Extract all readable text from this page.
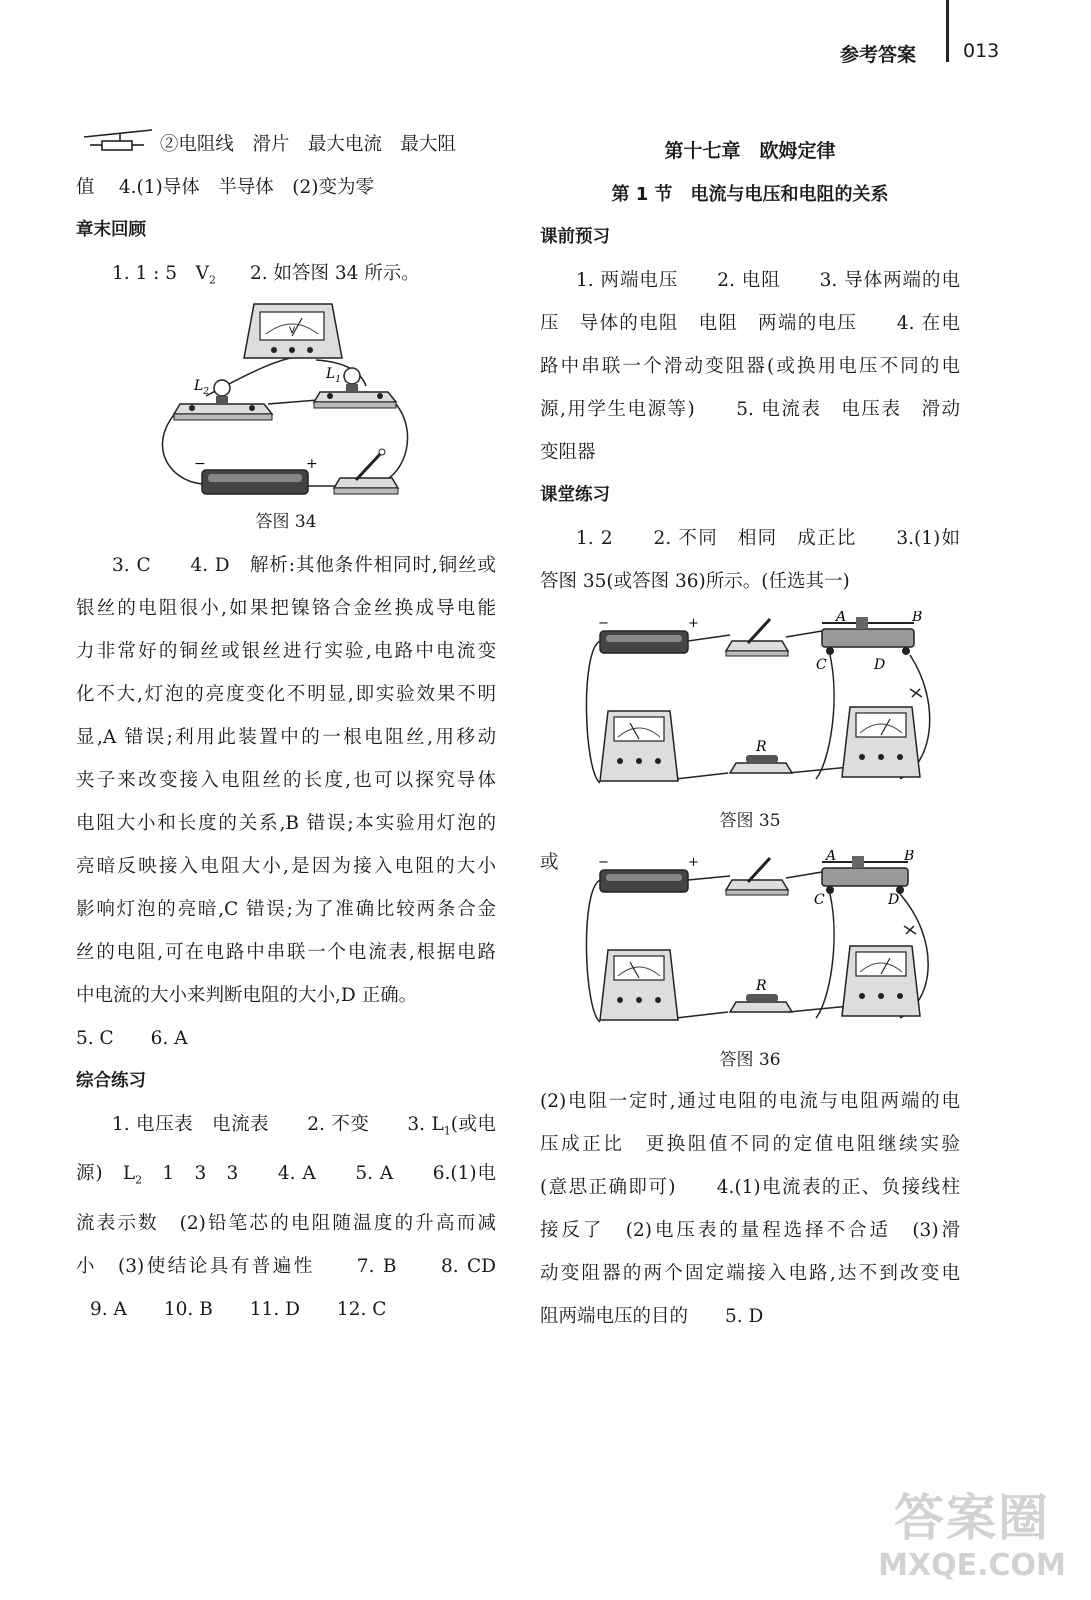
参考答案 013

②电阻线　滑片　最大电流　最大阻

值　 4.(1)导体　半导体　(2)变为零

章末回顾

1. 1 : 5　$V_2$ 2. 如答图 34 所示。

V
$L_2$
$L_1$
−	+

答图 34

3. C　　4. D　解析:其他条件相同时,铜丝或

银丝的电阻很小,如果把镍铬合金丝换成导电能

力非常好的铜丝或银丝进行实验,电路中电流变

化不大,灯泡的亮度变化不明显,即实验效果不明

显,A 错误;利用此装置中的一根电阻丝,用移动

夹子来改变接入电阻丝的长度,也可以探究导体

电阻大小和长度的关系,B 错误;本实验用灯泡的

亮暗反映接入电阻大小,是因为接入电阻的大小

影响灯泡的亮暗,C 错误;为了准确比较两条合金

丝的电阻,可在电路中串联一个电流表,根据电路

中电流的大小来判断电阻的大小,D 正确。

5. C　　6. A

综合练习

1. 电压表　电流表　　2. 不变　　3. $L_1$(或电

源)　$L_2$　1　3　3　　4. A　　5. A　　6.(1)电

流表示数　(2)铅笔芯的电阻随温度的升高而减

小　(3)使结论具有普遍性　　7. B　　8. CD

9. A　　10. B　　11. D　　12. C

第十七章　欧姆定律

第 1 节　电流与电压和电阻的关系

课前预习

1. 两端电压　　2. 电阻　　3. 导体两端的电

压　导体的电阻　电阻　两端的电压　　4. 在电

路中串联一个滑动变阻器(或换用电压不同的电

源,用学生电源等)　　5. 电流表　电压表　滑动

变阻器

课堂练习

1. 2　　2. 不同　相同　成正比　　3.(1)如

答图 35(或答图 36)所示。(任选其一)

−	+	A	B
C	D
R

答图 35

或	−	+	A	B
C	D
R

答图 36

(2)电阻一定时,通过电阻的电流与电阻两端的电

压成正比　更换阻值不同的定值电阻继续实验

(意思正确即可)　　4.(1)电流表的正、负接线柱

接反了　(2)电压表的量程选择不合适　(3)滑

动变阻器的两个固定端接入电路,达不到改变电

阻两端电压的目的　　5. D

答案圈
MXQE.COM
